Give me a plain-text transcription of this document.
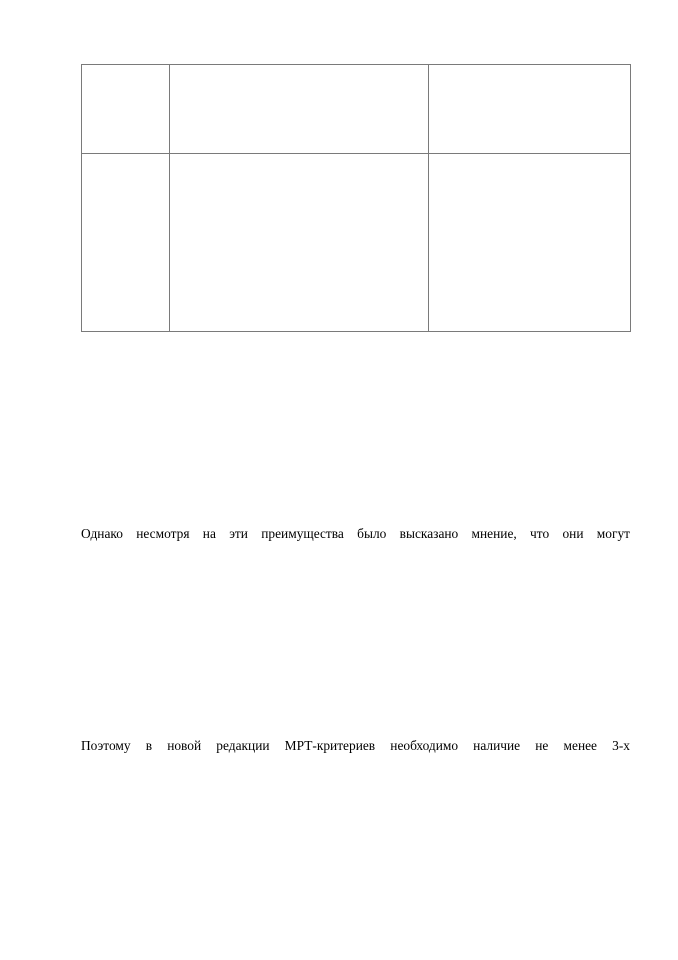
Однако несмотря на эти преимущества было высказано мнение, что они могут
Поэтому в новой редакции МРТ-критериев необходимо наличие не менее 3-х
